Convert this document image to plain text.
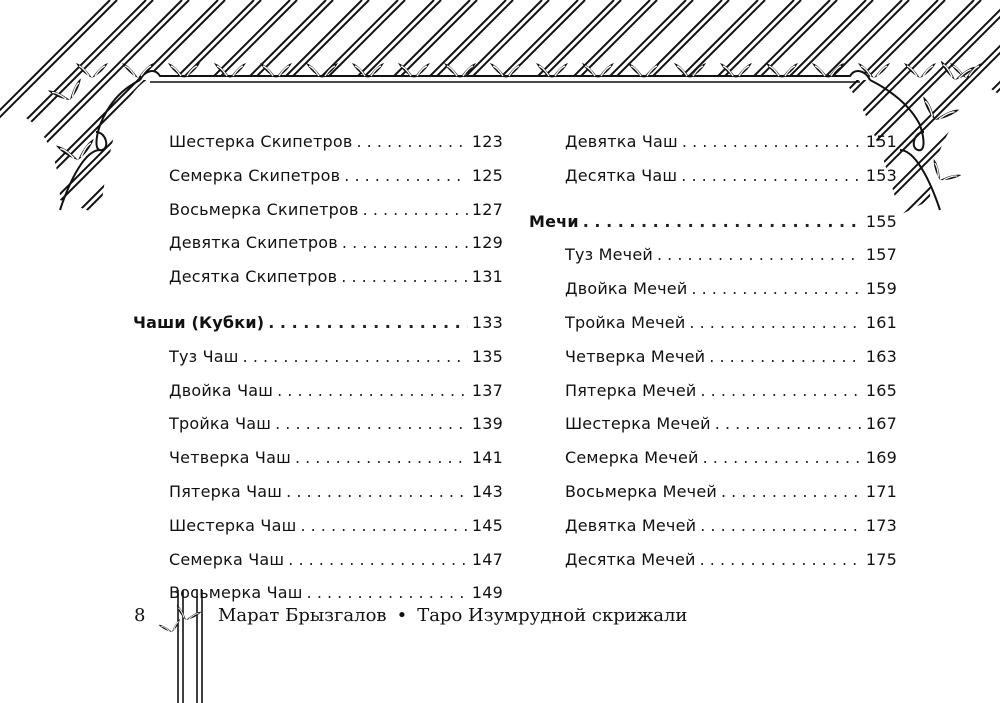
Шестерка Скипетров . . .	123
Семерка Скипетров . . .	125
Восьмерка Скипетров . . .	127
Девятка Скипетров . . .	129
Десятка Скипетров . . .	131
Чаши (Кубки) . . .	133
Туз Чаш . . .	135
Двойка Чаш . . .	137
Тройка Чаш . . .	139
Четверка Чаш . . .	141
Пятерка Чаш . . .	143
Шестерка Чаш . . .	145
Семерка Чаш . . .	147
Восьмерка Чаш . . .	149
Девятка Чаш . . .	151
Десятка Чаш . . .	153
Мечи . . .	155
Туз Мечей . . .	157
Двойка Мечей . . .	159
Тройка Мечей . . .	161
Четверка Мечей . . .	163
Пятерка Мечей . . .	165
Шестерка Мечей . . .	167
Семерка Мечей . . .	169
Восьмерка Мечей . . .	171
Девятка Мечей . . .	173
Десятка Мечей . . .	175
8	Марат Брызгалов • Таро Изумрудной скрижали
